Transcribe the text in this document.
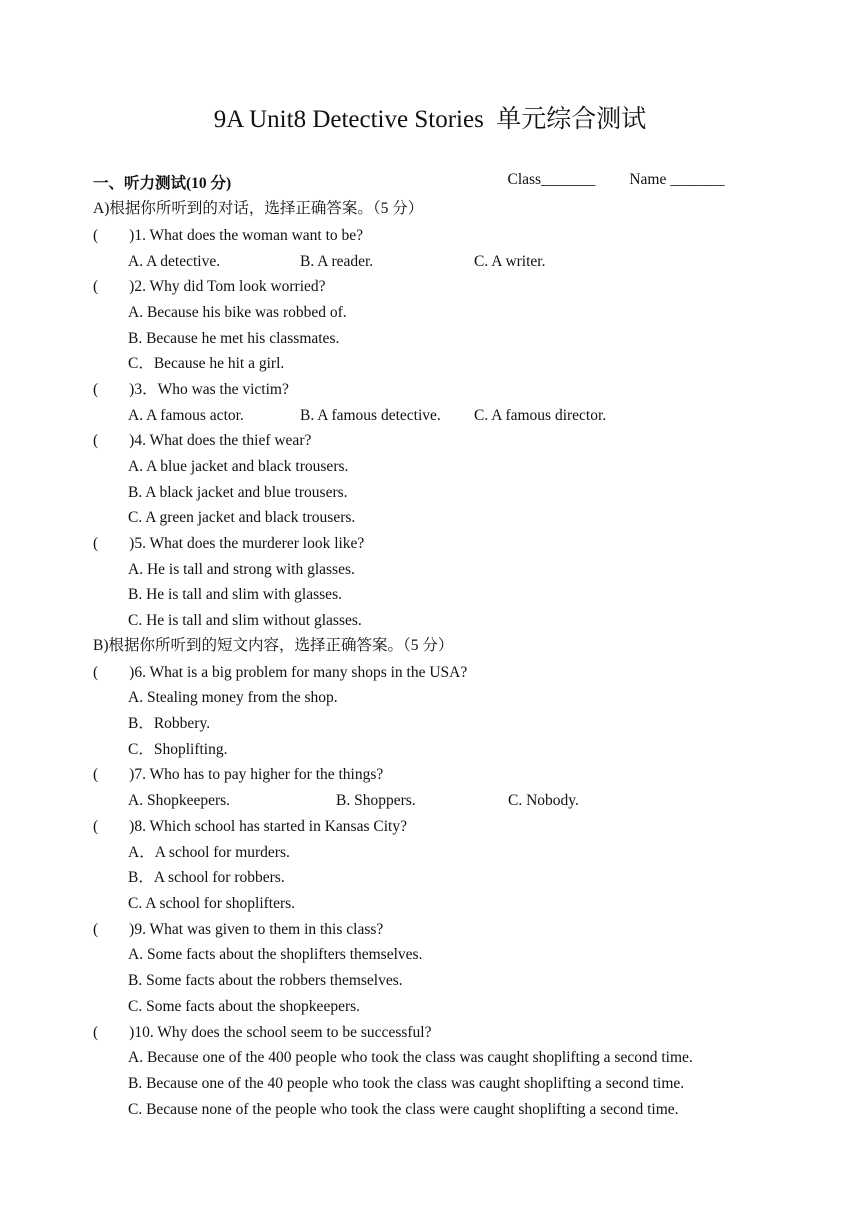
9A Unit8 Detective Stories  单元综合测试

Class_______ Name _______

一、听力测试(10 分)
A)根据你所听到的对话，选择正确答案。（5 分）
(        )1. What does the woman want to be?

A. A detective.

	B. A reader.

	C. A writer.

(        )2. Why did Tom look worried?
A. Because his bike was robbed of.
B. Because he met his classmates.
C．Because he hit a girl.
(        )3．Who was the victim?

A. A famous actor.

	B. A famous detective.

C. A famous director.

(        )4. What does the thief wear?
A. A blue jacket and black trousers.
B. A black jacket and blue trousers.
C. A green jacket and black trousers.
(        )5. What does the murderer look like?
A. He is tall and strong with glasses.
B. He is tall and slim with glasses.
C. He is tall and slim without glasses.
B)根据你所听到的短文内容，选择正确答案。（5 分）
(        )6. What is a big problem for many shops in the USA?
A. Stealing money from the shop.
B．Robbery.
C．Shoplifting.
(        )7. Who has to pay higher for the things?

A. Shopkeepers.

	B. Shoppers.

	C. Nobody.

(        )8. Which school has started in Kansas City?
A．A school for murders.
B．A school for robbers.
C. A school for shoplifters.
(        )9. What was given to them in this class?
A. Some facts about the shoplifters themselves.
B. Some facts about the robbers themselves.
C. Some facts about the shopkeepers.
(        )10. Why does the school seem to be successful?
A. Because one of the 400 people who took the class was caught shoplifting a second time.
B. Because one of the 40 people who took the class was caught shoplifting a second time.
C. Because none of the people who took the class were caught shoplifting a second time.
